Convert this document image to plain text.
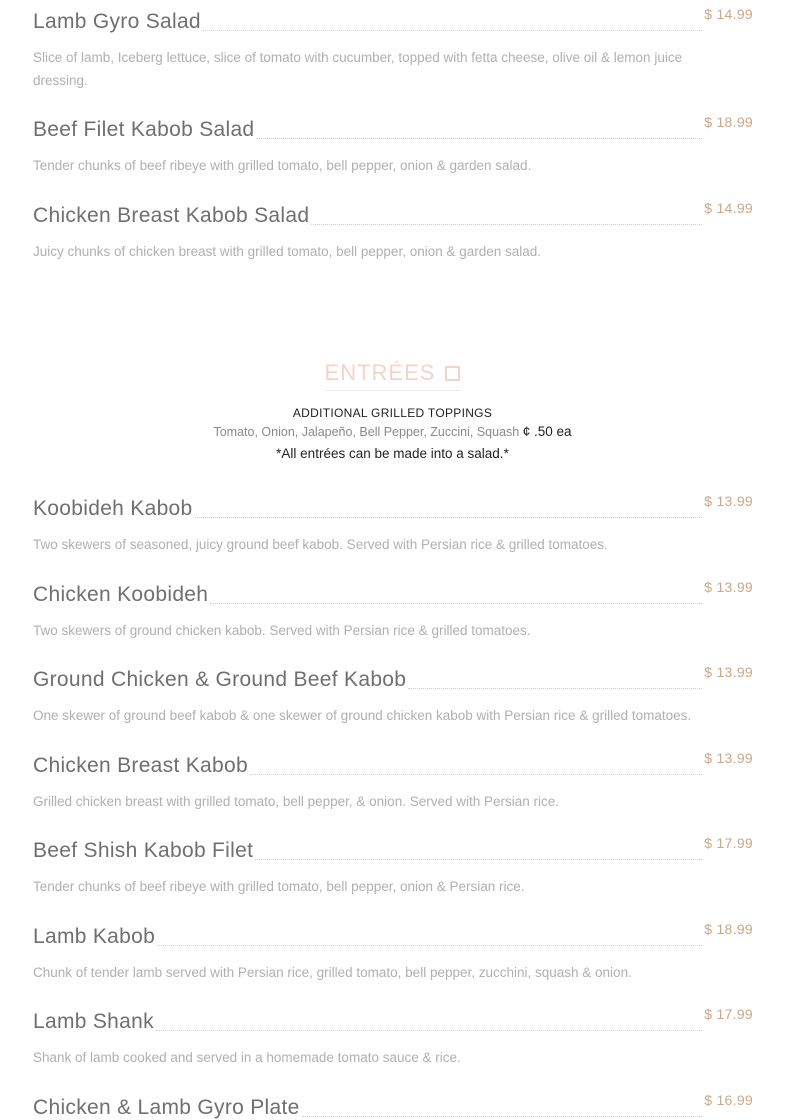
Lamb Gyro Salad	$ 14.99
Slice of lamb, Iceberg lettuce, slice of tomato with cucumber, topped with fetta cheese, olive oil & lemon juice dressing.
Beef Filet Kabob Salad	$ 18.99
Tender chunks of beef ribeye with grilled tomato, bell pepper, onion & garden salad.
Chicken Breast Kabob Salad	$ 14.99
Juicy chunks of chicken breast with grilled tomato, bell pepper, onion & garden salad.
ENTRÉES
ADDITIONAL GRILLED TOPPINGS
Tomato, Onion, Jalapeño, Bell Pepper, Zuccini, Squash ¢ .50 ea
*All entrées can be made into a salad.*
Koobideh Kabob	$ 13.99
Two skewers of seasoned, juicy ground beef kabob. Served with Persian rice & grilled tomatoes.
Chicken Koobideh	$ 13.99
Two skewers of ground chicken kabob. Served with Persian rice & grilled tomatoes.
Ground Chicken & Ground Beef Kabob	$ 13.99
One skewer of ground beef kabob & one skewer of ground chicken kabob with Persian rice & grilled tomatoes.
Chicken Breast Kabob	$ 13.99
Grilled chicken breast with grilled tomato, bell pepper, & onion. Served with Persian rice.
Beef Shish Kabob Filet	$ 17.99
Tender chunks of beef ribeye with grilled tomato, bell pepper, onion & Persian rice.
Lamb Kabob	$ 18.99
Chunk of tender lamb served with Persian rice, grilled tomato, bell pepper, zucchini, squash & onion.
Lamb Shank	$ 17.99
Shank of lamb cooked and served in a homemade tomato sauce & rice.
Chicken & Lamb Gyro Plate	$ 16.99
